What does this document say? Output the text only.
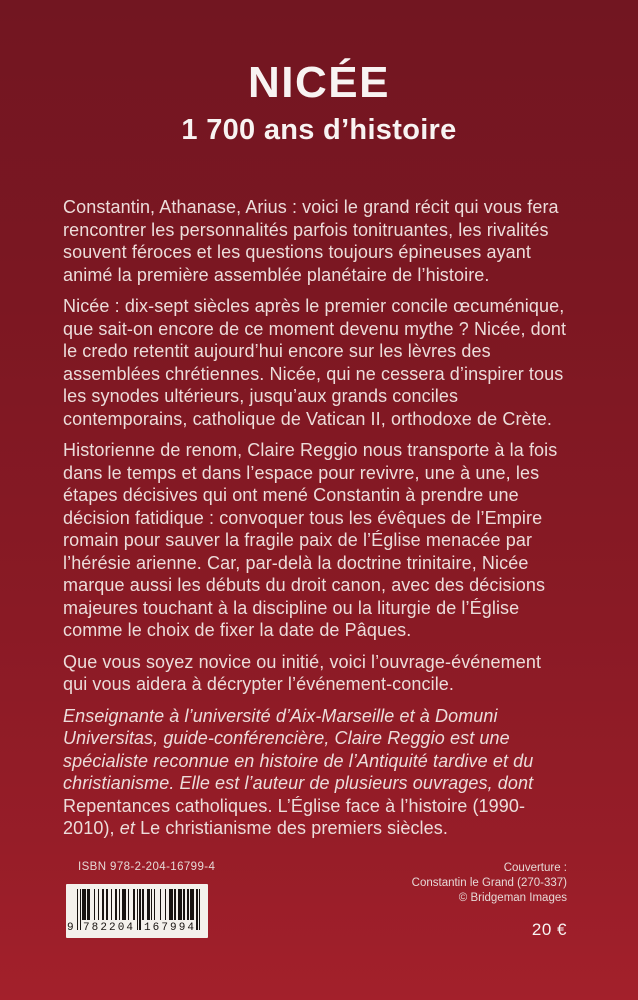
NICÉE
1 700 ans d’histoire

Constantin, Athanase, Arius : voici le grand récit qui vous fera rencontrer les personnalités parfois tonitruantes, les rivalités souvent féroces et les questions toujours épineuses ayant animé la première assemblée planétaire de l’histoire.

Nicée : dix-sept siècles après le premier concile œcuménique, que sait-on encore de ce moment devenu mythe ? Nicée, dont le credo retentit aujourd’hui encore sur les lèvres des assemblées chrétiennes. Nicée, qui ne cessera d’inspirer tous les synodes ultérieurs, jusqu’aux grands conciles contemporains, catholique de Vatican II, orthodoxe de Crète.

Historienne de renom, Claire Reggio nous transporte à la fois dans le temps et dans l’espace pour revivre, une à une, les étapes décisives qui ont mené Constantin à prendre une décision fatidique : convoquer tous les évêques de l’Empire romain pour sauver la fragile paix de l’Église menacée par l’hérésie arienne. Car, par-delà la doctrine trinitaire, Nicée marque aussi les débuts du droit canon, avec des décisions majeures touchant à la discipline ou la liturgie de l’Église comme le choix de fixer la date de Pâques.

Que vous soyez novice ou initié, voici l’ouvrage-événement qui vous aidera à décrypter l’événement-concile.

Enseignante à l’université d’Aix-Marseille et à Domuni Universitas, guide-conférencière, Claire Reggio est une spécialiste reconnue en histoire de l’Antiquité tardive et du christianisme. Elle est l’auteur de plusieurs ouvrages, dont Repentances catholiques. L’Église face à l’histoire (1990-2010), et Le christianisme des premiers siècles.

ISBN 978-2-204-16799-4
9 7 8 2 2 0 4 1 6 7 9 9 4
Couverture :
Constantin le Grand (270-337)
© Bridgeman Images
20 €
